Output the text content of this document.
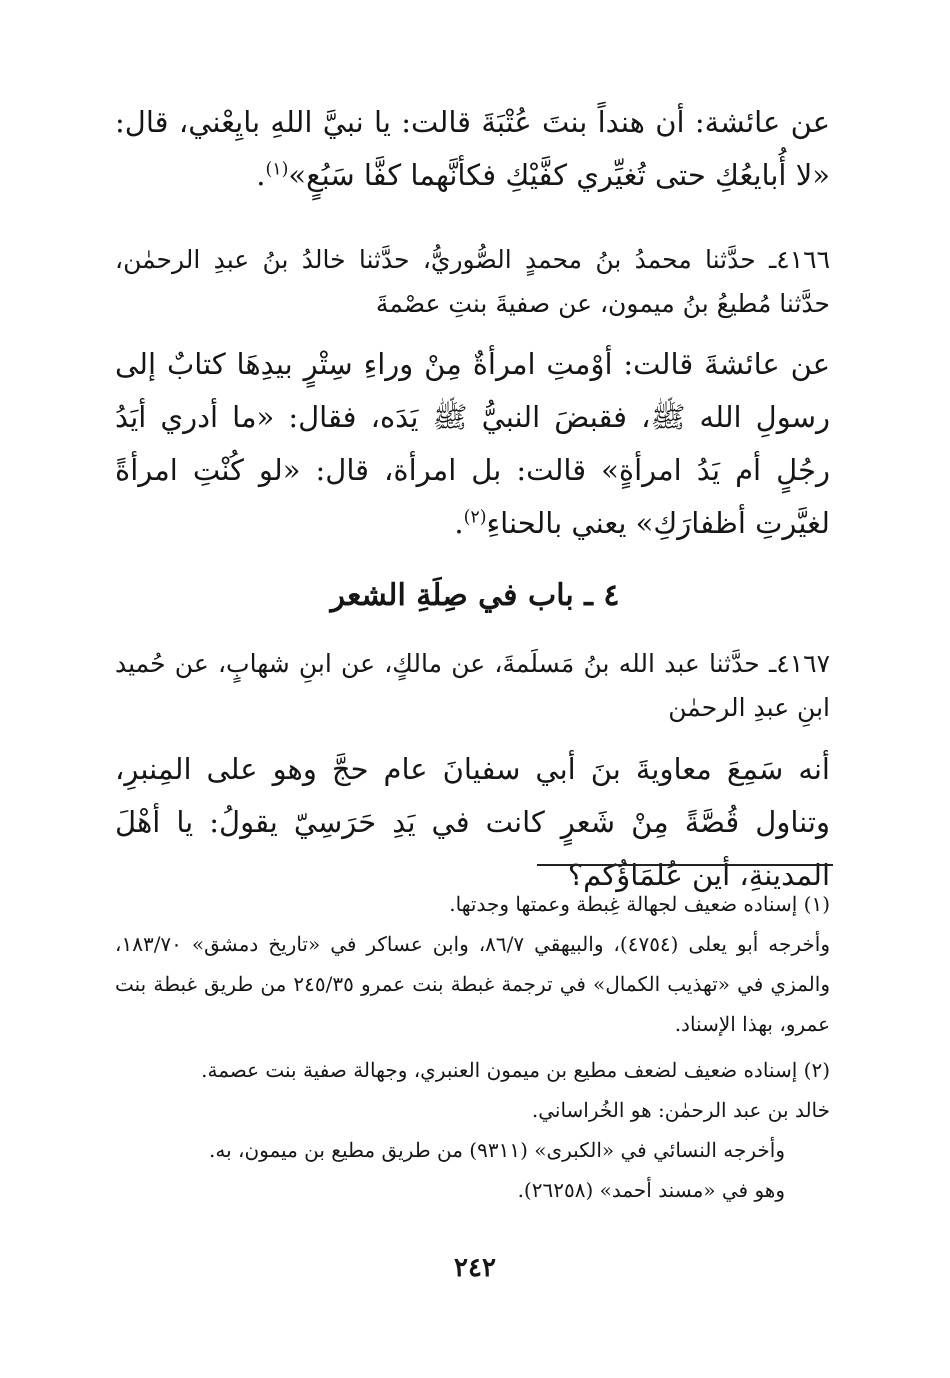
عن عائشة: أن هنداً بنتَ عُتْبَةَ قالت: يا نبيَّ اللهِ بايِعْني، قال: «لا أُبايعُكِ حتى تُغيِّري كفَّيْكِ فكأنَّهما كفَّا سَبُعٍ»$^{(١)}$.

٤١٦٦ـ حدَّثنا محمدُ بنُ محمدٍ الصُّوريُّ، حدَّثنا خالدُ بنُ عبدِ الرحمٰن، حدَّثنا مُطيعُ بنُ ميمون، عن صفيةَ بنتِ عصْمةَ

عن عائشةَ قالت: أوْمتِ امرأةٌ مِنْ وراءِ سِتْرٍ بيدِهَا كتابٌ إلى رسولِ الله ﷺ، فقبضَ النبيُّ ﷺ يَدَه، فقال: «ما أدري أيَدُ رجُلٍ أم يَدُ امرأةٍ» قالت: بل امرأة، قال: «لو كُنْتِ امرأةً لغيَّرتِ أظفارَكِ» يعني بالحناءِ$^{(٢)}$.

٤ ـ باب في صِلَةِ الشعر

٤١٦٧ـ حدَّثنا عبد الله بنُ مَسلَمةَ، عن مالكٍ، عن ابنِ شهابٍ، عن حُميد ابنِ عبدِ الرحمٰن

أنه سَمِعَ معاويةَ بنَ أبي سفيانَ عام حجَّ وهو على المِنبرِ، وتناول قُصَّةً مِنْ شَعرٍ كانت في يَدِ حَرَسِيّ يقولُ: يا أهْلَ المدينةِ، أين عُلمَاؤُكم؟

(١) إسناده ضعيف لجهالة غِبطة وعمتها وجدتها.

وأخرجه أبو يعلى (٤٧٥٤)، والبيهقي ٨٦/٧، وابن عساكر في «تاريخ دمشق» ١٨٣/٧٠، والمزي في «تهذيب الكمال» في ترجمة غبطة بنت عمرو ٢٤٥/٣٥ من طريق غبطة بنت عمرو، بهذا الإسناد.

(٢) إسناده ضعيف لضعف مطيع بن ميمون العنبري، وجهالة صفية بنت عصمة.

خالد بن عبد الرحمٰن: هو الخُراساني.

وأخرجه النسائي في «الكبرى» (٩٣١١) من طريق مطيع بن ميمون، به.

وهو في «مسند أحمد» (٢٦٢٥٨).

٢٤٢
